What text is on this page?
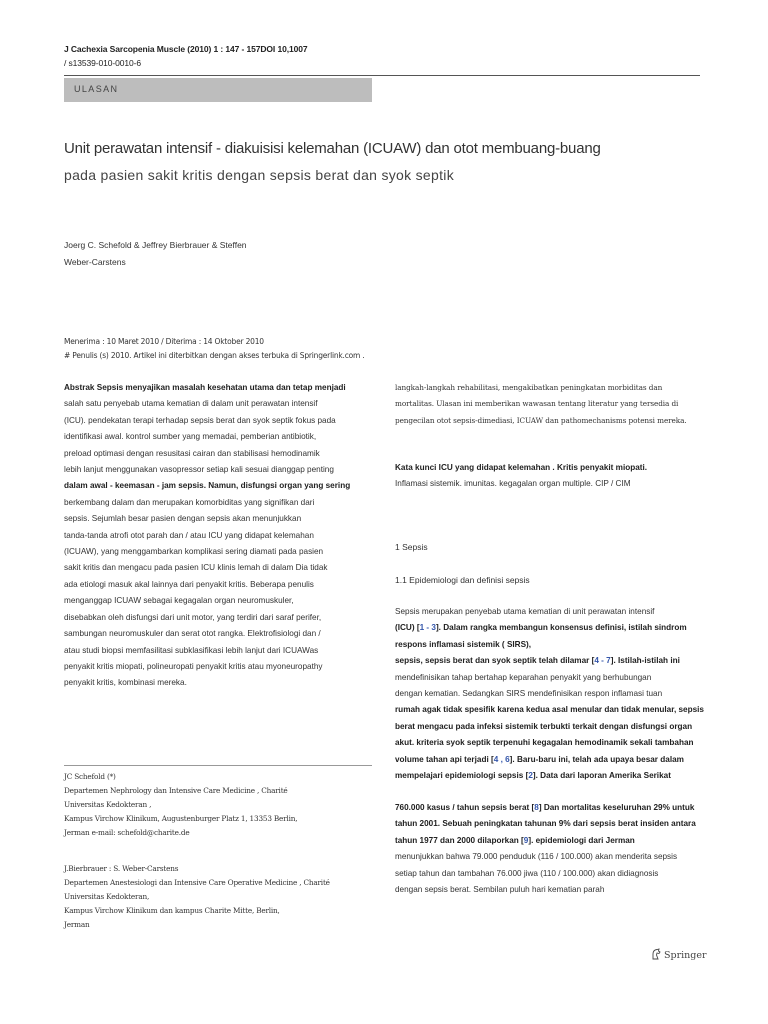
J Cachexia Sarcopenia Muscle (2010) 1 : 147 - 157DOI 10,1007
/ s13539-010-0010-6
ULASAN
Unit perawatan intensif - diakuisisi kelemahan (ICUAW) dan otot membuang-buang
pada pasien sakit kritis dengan sepsis berat dan syok septik
Joerg C. Schefold & Jeffrey Bierbrauer & Steffen
Weber-Carstens
Menerima : 10 Maret 2010 / Diterima : 14 Oktober 2010
# Penulis (s) 2010. Artikel ini diterbitkan dengan akses terbuka di Springerlink.com .

Abstrak Sepsis menyajikan masalah kesehatan utama dan tetap menjadi

salah satu penyebab utama kematian di dalam unit perawatan intensif

(ICU). pendekatan terapi terhadap sepsis berat dan syok septik fokus pada

identifikasi awal. kontrol sumber yang memadai, pemberian antibiotik,

preload optimasi dengan resusitasi cairan dan stabilisasi hemodinamik

lebih lanjut menggunakan vasopressor setiap kali sesuai dianggap penting

dalam awal - keemasan - jam sepsis. Namun, disfungsi organ yang sering

berkembang dalam dan merupakan komorbiditas yang signifikan dari

sepsis. Sejumlah besar pasien dengan sepsis akan menunjukkan

tanda-tanda atrofi otot parah dan / atau ICU yang didapat kelemahan

(ICUAW), yang menggambarkan komplikasi sering diamati pada pasien

sakit kritis dan mengacu pada pasien ICU klinis lemah di dalam Dia tidak

ada etiologi masuk akal lainnya dari penyakit kritis. Beberapa penulis

menganggap ICUAW sebagai kegagalan organ neuromuskuler,

disebabkan oleh disfungsi dari unit motor, yang terdiri dari saraf perifer,

sambungan neuromuskuler dan serat otot rangka. Elektrofisiologi dan /

atau studi biopsi memfasilitasi subklasifikasi lebih lanjut dari ICUAWas

penyakit kritis miopati, polineuropati penyakit kritis atau myoneuropathy

penyakit kritis, kombinasi mereka.

langkah-langkah rehabilitasi, mengakibatkan peningkatan morbiditas dan

mortalitas. Ulasan ini memberikan wawasan tentang literatur yang tersedia di

pengecilan otot sepsis-dimediasi, ICUAW dan pathomechanisms potensi mereka.

Kata kunci ICU yang didapat kelemahan . Kritis penyakit miopati.

Inflamasi sistemik. imunitas. kegagalan organ multiple. CIP / CIM

1 Sepsis
1.1 Epidemiologi dan definisi sepsis

Sepsis merupakan penyebab utama kematian di unit perawatan intensif

(ICU) [1 - 3]. Dalam rangka membangun konsensus definisi, istilah sindrom

respons inflamasi sistemik ( SIRS),

sepsis, sepsis berat dan syok septik telah dilamar [4 - 7]. Istilah-istilah ini

mendefinisikan tahap bertahap keparahan penyakit yang berhubungan

dengan kematian. Sedangkan SIRS mendefinisikan respon inflamasi tuan

rumah agak tidak spesifik karena kedua asal menular dan tidak menular, sepsis

berat mengacu pada infeksi sistemik terbukti terkait dengan disfungsi organ

akut. kriteria syok septik terpenuhi kegagalan hemodinamik sekali tambahan

volume tahan api terjadi [4 , 6]. Baru-baru ini, telah ada upaya besar dalam

mempelajari epidemiologi sepsis [2]. Data dari laporan Amerika Serikat

760.000 kasus / tahun sepsis berat [8] Dan mortalitas keseluruhan 29% untuk

tahun 2001. Sebuah peningkatan tahunan 9% dari sepsis berat insiden antara

tahun 1977 dan 2000 dilaporkan [9]. epidemiologi dari Jerman

menunjukkan bahwa 79.000 penduduk (116 / 100.000) akan menderita sepsis

setiap tahun dan tambahan 76.000 jiwa (110 / 100.000) akan didiagnosis

dengan sepsis berat. Sembilan puluh hari kematian parah

JC Schefold (*)
Departemen Nephrology dan Intensive Care Medicine , Charité
Universitas Kedokteran ,
Kampus Virchow Klinikum, Augustenburger Platz 1, 13353 Berlin,
Jerman e-mail: schefold@charite.de
J.Bierbrauer : S. Weber-Carstens
Departemen Anestesiologi dan Intensive Care Operative Medicine , Charité
Universitas Kedokteran,
Kampus Virchow Klinikum dan kampus Charite Mitte, Berlin,
Jerman
Springer
